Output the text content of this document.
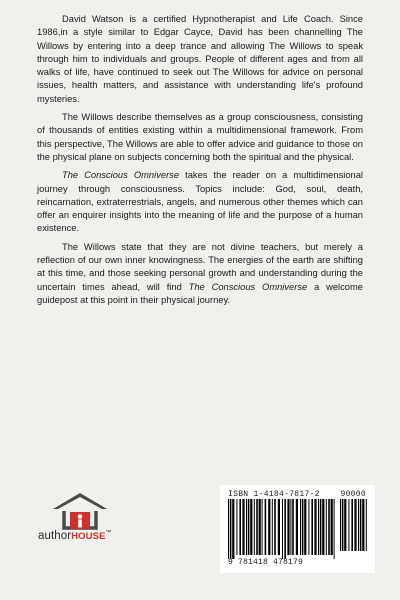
David Watson is a certified Hypnotherapist and Life Coach. Since 1986,in a style similar to Edgar Cayce, David has been channelling The Willows by entering into a deep trance and allowing The Willows to speak through him to individuals and groups. People of different ages and from all walks of life, have continued to seek out The Willows for advice on personal issues, health matters, and assistance with understanding life's profound mysteries.

The Willows describe themselves as a group consciousness, consisting of thousands of entities existing within a multidimensional framework. From this perspective, The Willows are able to offer advice and guidance to those on the physical plane on subjects concerning both the spiritual and the physical.

The Conscious Omniverse takes the reader on a multidimensional journey through consciousness. Topics include: God, soul, death, reincarnation, extraterrestrials, angels, and numerous other themes which can offer an enquirer insights into the meaning of life and the purpose of a human existence.

The Willows state that they are not divine teachers, but merely a reflection of our own inner knowingness. The energies of the earth are shifting at this time, and those seeking personal growth and understanding during the uncertain times ahead, will find The Conscious Omniverse a welcome guidepost at this point in their physical journey.

authorHOUSE™
ISBN 1-4184-7817-2	90000
9 781418 478179
